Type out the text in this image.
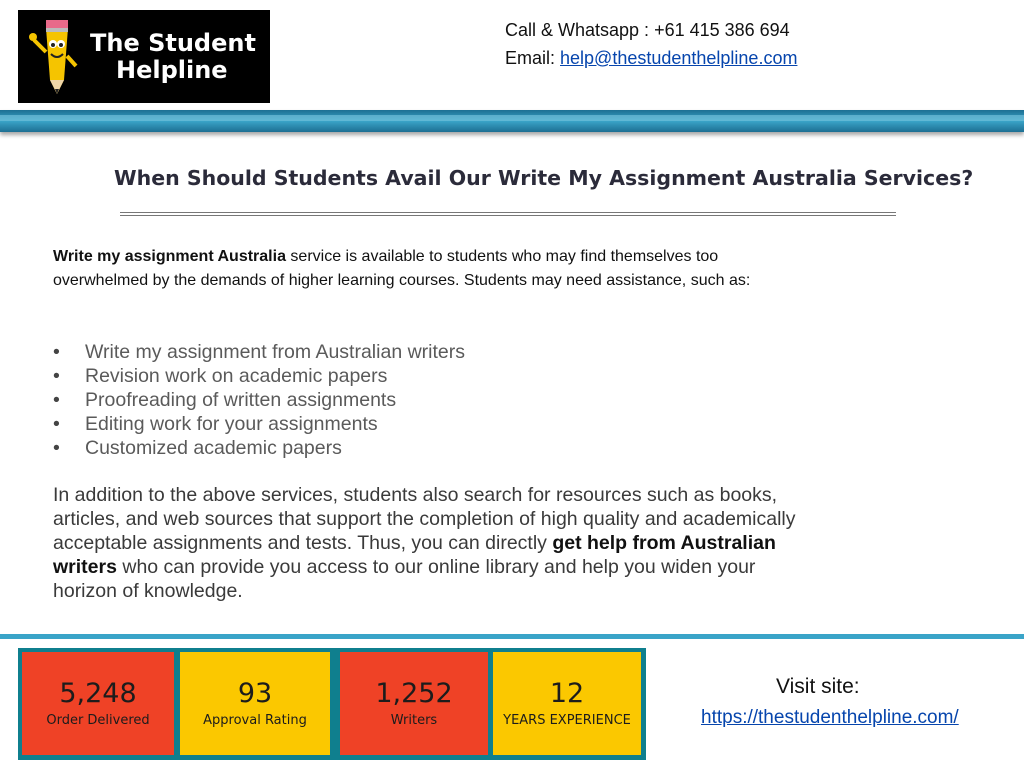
The Student
Helpline
Call & Whatsapp : +61 415 386 694
Email: help@thestudenthelpline.com
When Should Students Avail Our Write My Assignment Australia Services?
Write my assignment Australia service is available to students who may find themselves too overwhelmed by the demands of higher learning courses. Students may need assistance, such as:
• Write my assignment from Australian writers
• Revision work on academic papers
• Proofreading of written assignments
• Editing work for your assignments
• Customized academic papers
In addition to the above services, students also search for resources such as books, articles, and web sources that support the completion of high quality and academically acceptable assignments and tests. Thus, you can directly get help from Australian writers who can provide you access to our online library and help you widen your horizon of knowledge.
5,248
Order Delivered
93
Approval Rating
1,252
Writers
12
YEARS EXPERIENCE
Visit site:
https://thestudenthelpline.com/
